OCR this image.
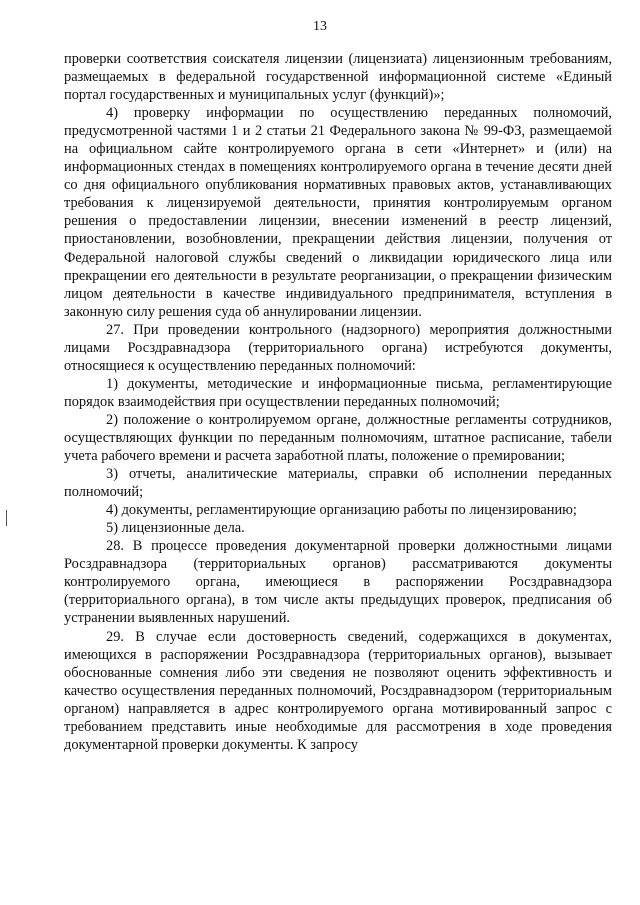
13

проверки соответствия соискателя лицензии (лицензиата) лицензионным требованиям, размещаемых в федеральной государственной информационной системе «Единый портал государственных и муниципальных услуг (функций)»;

4) проверку информации по осуществлению переданных полномочий, предусмотренной частями 1 и 2 статьи 21 Федерального закона № 99-ФЗ, размещаемой на официальном сайте контролируемого органа в сети «Интернет» и (или) на информационных стендах в помещениях контролируемого органа в течение десяти дней со дня официального опубликования нормативных правовых актов, устанавливающих требования к лицензируемой деятельности, принятия контролируемым органом решения о предоставлении лицензии, внесении изменений в реестр лицензий, приостановлении, возобновлении, прекращении действия лицензии, получения от Федеральной налоговой службы сведений о ликвидации юридического лица или прекращении его деятельности в результате реорганизации, о прекращении физическим лицом деятельности в качестве индивидуального предпринимателя, вступления в законную силу решения суда об аннулировании лицензии.

27. При проведении контрольного (надзорного) мероприятия должностными лицами Росздравнадзора (территориального органа) истребуются документы, относящиеся к осуществлению переданных полномочий:

1) документы, методические и информационные письма, регламентирующие порядок взаимодействия при осуществлении переданных полномочий;

2) положение о контролируемом органе, должностные регламенты сотрудников, осуществляющих функции по переданным полномочиям, штатное расписание, табели учета рабочего времени и расчета заработной платы, положение о премировании;

3) отчеты, аналитические материалы, справки об исполнении переданных полномочий;

4) документы, регламентирующие организацию работы по лицензированию;

5) лицензионные дела.

28. В процессе проведения документарной проверки должностными лицами Росздравнадзора (территориальных органов) рассматриваются документы контролируемого органа, имеющиеся в распоряжении Росздравнадзора (территориального органа), в том числе акты предыдущих проверок, предписания об устранении выявленных нарушений.

29. В случае если достоверность сведений, содержащихся в документах, имеющихся в распоряжении Росздравнадзора (территориальных органов), вызывает обоснованные сомнения либо эти сведения не позволяют оценить эффективность и качество осуществления переданных полномочий, Росздравнадзором (территориальным органом) направляется в адрес контролируемого органа мотивированный запрос с требованием представить иные необходимые для рассмотрения в ходе проведения документарной проверки документы. К запросу
